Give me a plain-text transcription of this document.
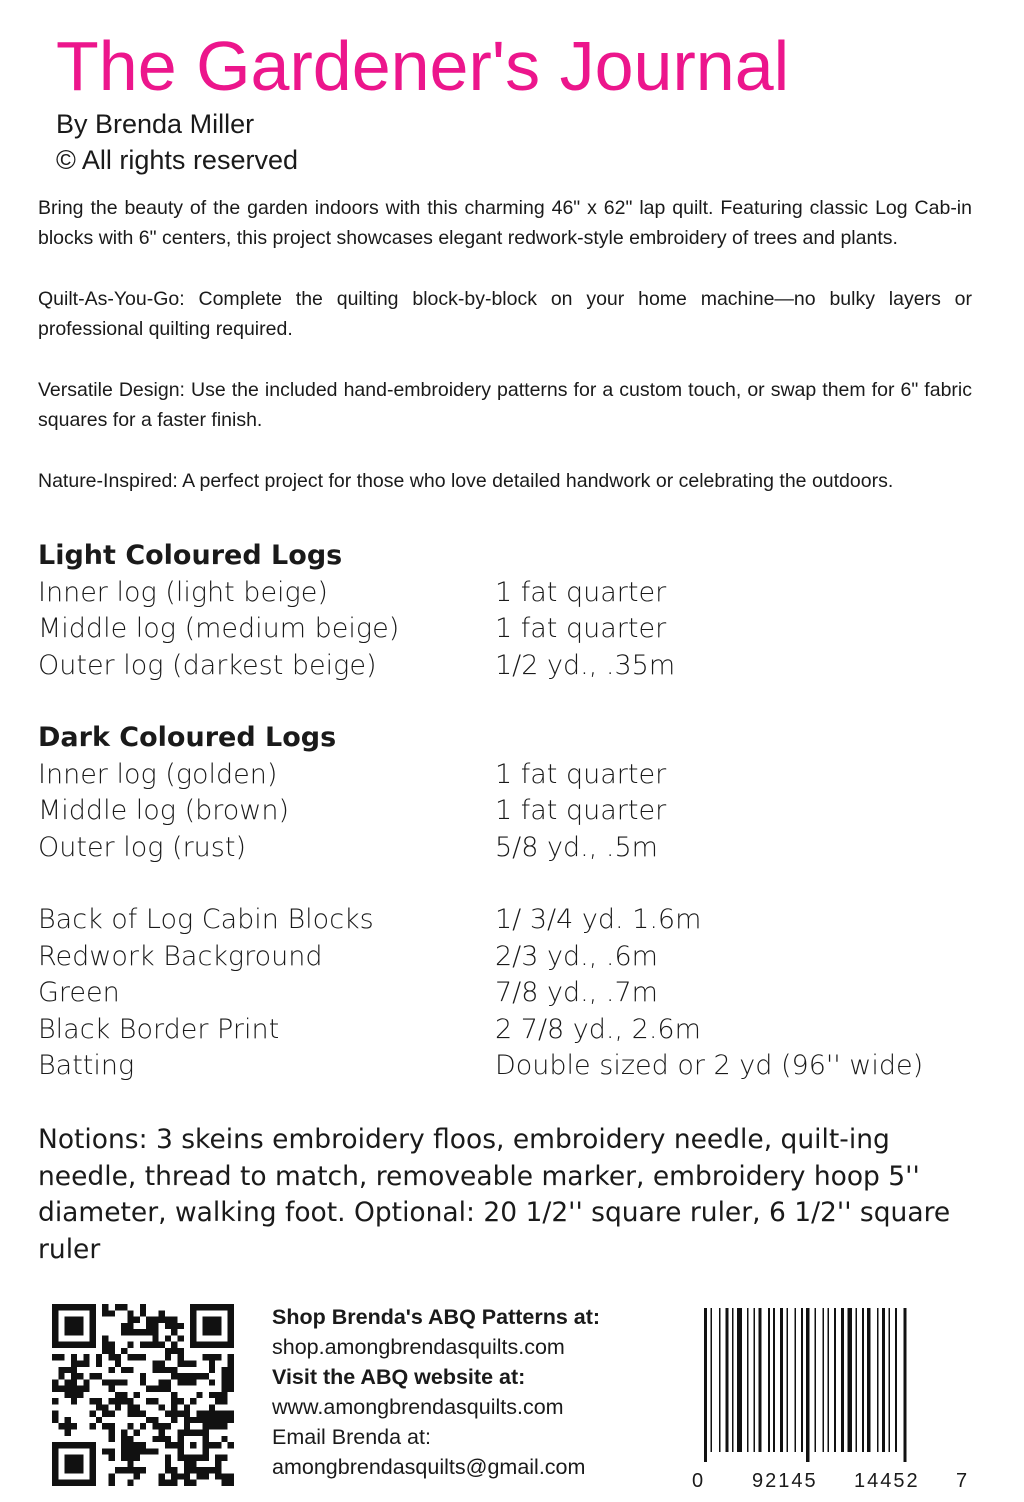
The Gardener's Journal
By Brenda Miller
© All rights reserved

Bring the beauty of the garden indoors with this charming 46" x 62" lap quilt. Featuring classic Log Cab-in blocks with 6" centers, this project showcases elegant redwork-style embroidery of trees and plants.

Quilt-As-You-Go: Complete the quilting block-by-block on your home machine—no bulky layers or professional quilting required.

Versatile Design: Use the included hand-embroidery patterns for a custom touch, or swap them for 6" fabric squares for a faster finish.

Nature-Inspired: A perfect project for those who love detailed handwork or celebrating the outdoors.

Light Coloured Logs
Inner log (light beige)	1 fat quarter
Middle log (medium beige)	1 fat quarter
Outer log (darkest beige)	1/2 yd., .35m
Dark Coloured Logs
Inner log (golden)	1 fat quarter
Middle log (brown)	1 fat quarter
Outer log (rust)	5/8 yd., .5m
Back of Log Cabin Blocks	1/ 3/4 yd. 1.6m
Redwork Background	2/3 yd., .6m
Green	7/8 yd., .7m
Black Border Print	2 7/8 yd., 2.6m
Batting	Double sized or 2 yd (96'' wide)
Notions: 3 skeins embroidery floos, embroidery needle, quilt-ing needle, thread to match, removeable marker, embroidery hoop 5'' diameter, walking foot. Optional: 20 1/2'' square ruler, 6 1/2'' square ruler
Shop Brenda's ABQ Patterns at:
shop.amongbrendasquilts.com
Visit the ABQ website at:
www.amongbrendasquilts.com
Email Brenda at:
amongbrendasquilts@gmail.com
0 92145 14452 7
